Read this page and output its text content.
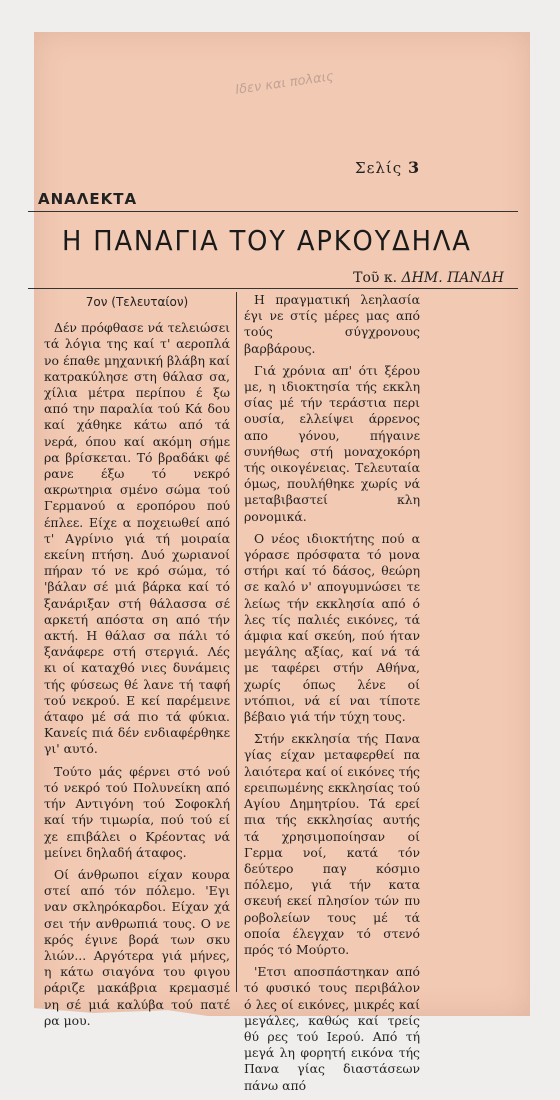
Ιδεν και πολαις
Σελίς 3
ΑΝΑΛΕΚΤΑ
Η ΠΑΝΑΓΙΑ ΤΟΥ ΑΡΚΟΥΔΗΛΑ
Τοῦ κ. ΔΗΜ. ΠΑΝΔΗ

7ον (Τελευταίον)

Δέν πρόφθασε νά τελειώσει τά λόγια της καί τ' αεροπλά νο έπαθε μηχανική βλάβη καί κατρακύλησε στη θάλασ σα, χίλια μέτρα περίπου έ ξω από την παραλία τού Κά δου καί χάθηκε κάτω από τά νερά, όπου καί ακόμη σήμε ρα βρίσκεται. Τό βραδάκι φέ ρανε έξω τό νεκρό ακρωτηρια σμένο σώμα τού Γερμανού α εροπόρου πού έπλεε. Είχε α ποχειωθεί από τ' Αγρίνιο γιά τή μοιραία εκείνη πτήση. Δυό χωριανοί πήραν τό νε κρό σώμα, τό 'βάλαν σέ μιά βάρκα καί τό ξανάριξαν στή θάλασσα σέ αρκετή απόστα ση από τήν ακτή. Η θάλασ σα πάλι τό ξανάφερε στή στεργιά. Λές κι οί καταχθό νιες δυνάμεις τής φύσεως θέ λανε τή ταφή τού νεκρού. Ε κεί παρέμεινε άταφο μέ σά πιο τά φύκια. Κανείς πιά δέν ενδιαφέρθηκε γι' αυτό.

Τούτο μάς φέρνει στό νού τό νεκρό τού Πολυνείκη από τήν Αντιγόνη τού Σοφοκλή καί τήν τιμωρία, πού τού εί χε επιβάλει ο Κρέοντας νά μείνει δηλαδή άταφος.

Οί άνθρωποι είχαν κουρα στεί από τόν πόλεμο. 'Εγι ναν σκληρόκαρδοι. Είχαν χά σει τήν ανθρωπιά τους. Ο νε κρός έγινε βορά των σκυ λιών... Αργότερα γιά μήνες, η κάτω σιαγόνα του φιγου ράριζε μακάβρια κρεμασμέ νη σέ μιά καλύβα τού πατέ ρα μου.

Η πραγματική λεηλασία έγι νε στίς μέρες μας από τούς σύγχρονους βαρβάρους.

Γιά χρόνια απ' ότι ξέρου με, η ιδιοκτησία τής εκκλη σίας μέ τήν τεράστια περι ουσία, ελλείψει άρρενος απο γόνου, πήγαινε συνήθως στή μοναχοκόρη τής οικογένειας. Τελευταία όμως, πουλήθηκε χωρίς νά μεταβιβαστεί κλη ρονομικά.

Ο νέος ιδιοκτήτης πού α γόρασε πρόσφατα τό μονα στήρι καί τό δάσος, θεώρη σε καλό ν' απογυμνώσει τε λείως τήν εκκλησία από ό λες τίς παλιές εικόνες, τά άμφια καί σκεύη, πού ήταν μεγάλης αξίας, καί νά τά με ταφέρει στήν Αθήνα, χωρίς όπως λένε οί ντόπιοι, νά εί ναι τίποτε βέβαιο γιά τήν τύχη τους.

Στήν εκκλησία τής Πανα γίας είχαν μεταφερθεί πα λαιότερα καί οί εικόνες τής ερειπωμένης εκκλησίας τού Αγίου Δημητρίου. Τά ερεί πια τής εκκλησίας αυτής τά χρησιμοποίησαν οί Γερμα νοί, κατά τόν δεύτερο παγ κόσμιο πόλεμο, γιά τήν κατα σκευή εκεί πλησίον τών πυ ροβολείων τους μέ τά οποία έλεγχαν τό στενό πρός τό Μούρτο.

'Ετσι αποσπάστηκαν από τό φυσικό τους περιβάλον ό λες οί εικόνες, μικρές καί μεγάλες, καθώς καί τρείς θύ ρες τού Ιερού. Από τή μεγά λη φορητή εικόνα τής Πανα γίας διαστάσεων πάνω από
